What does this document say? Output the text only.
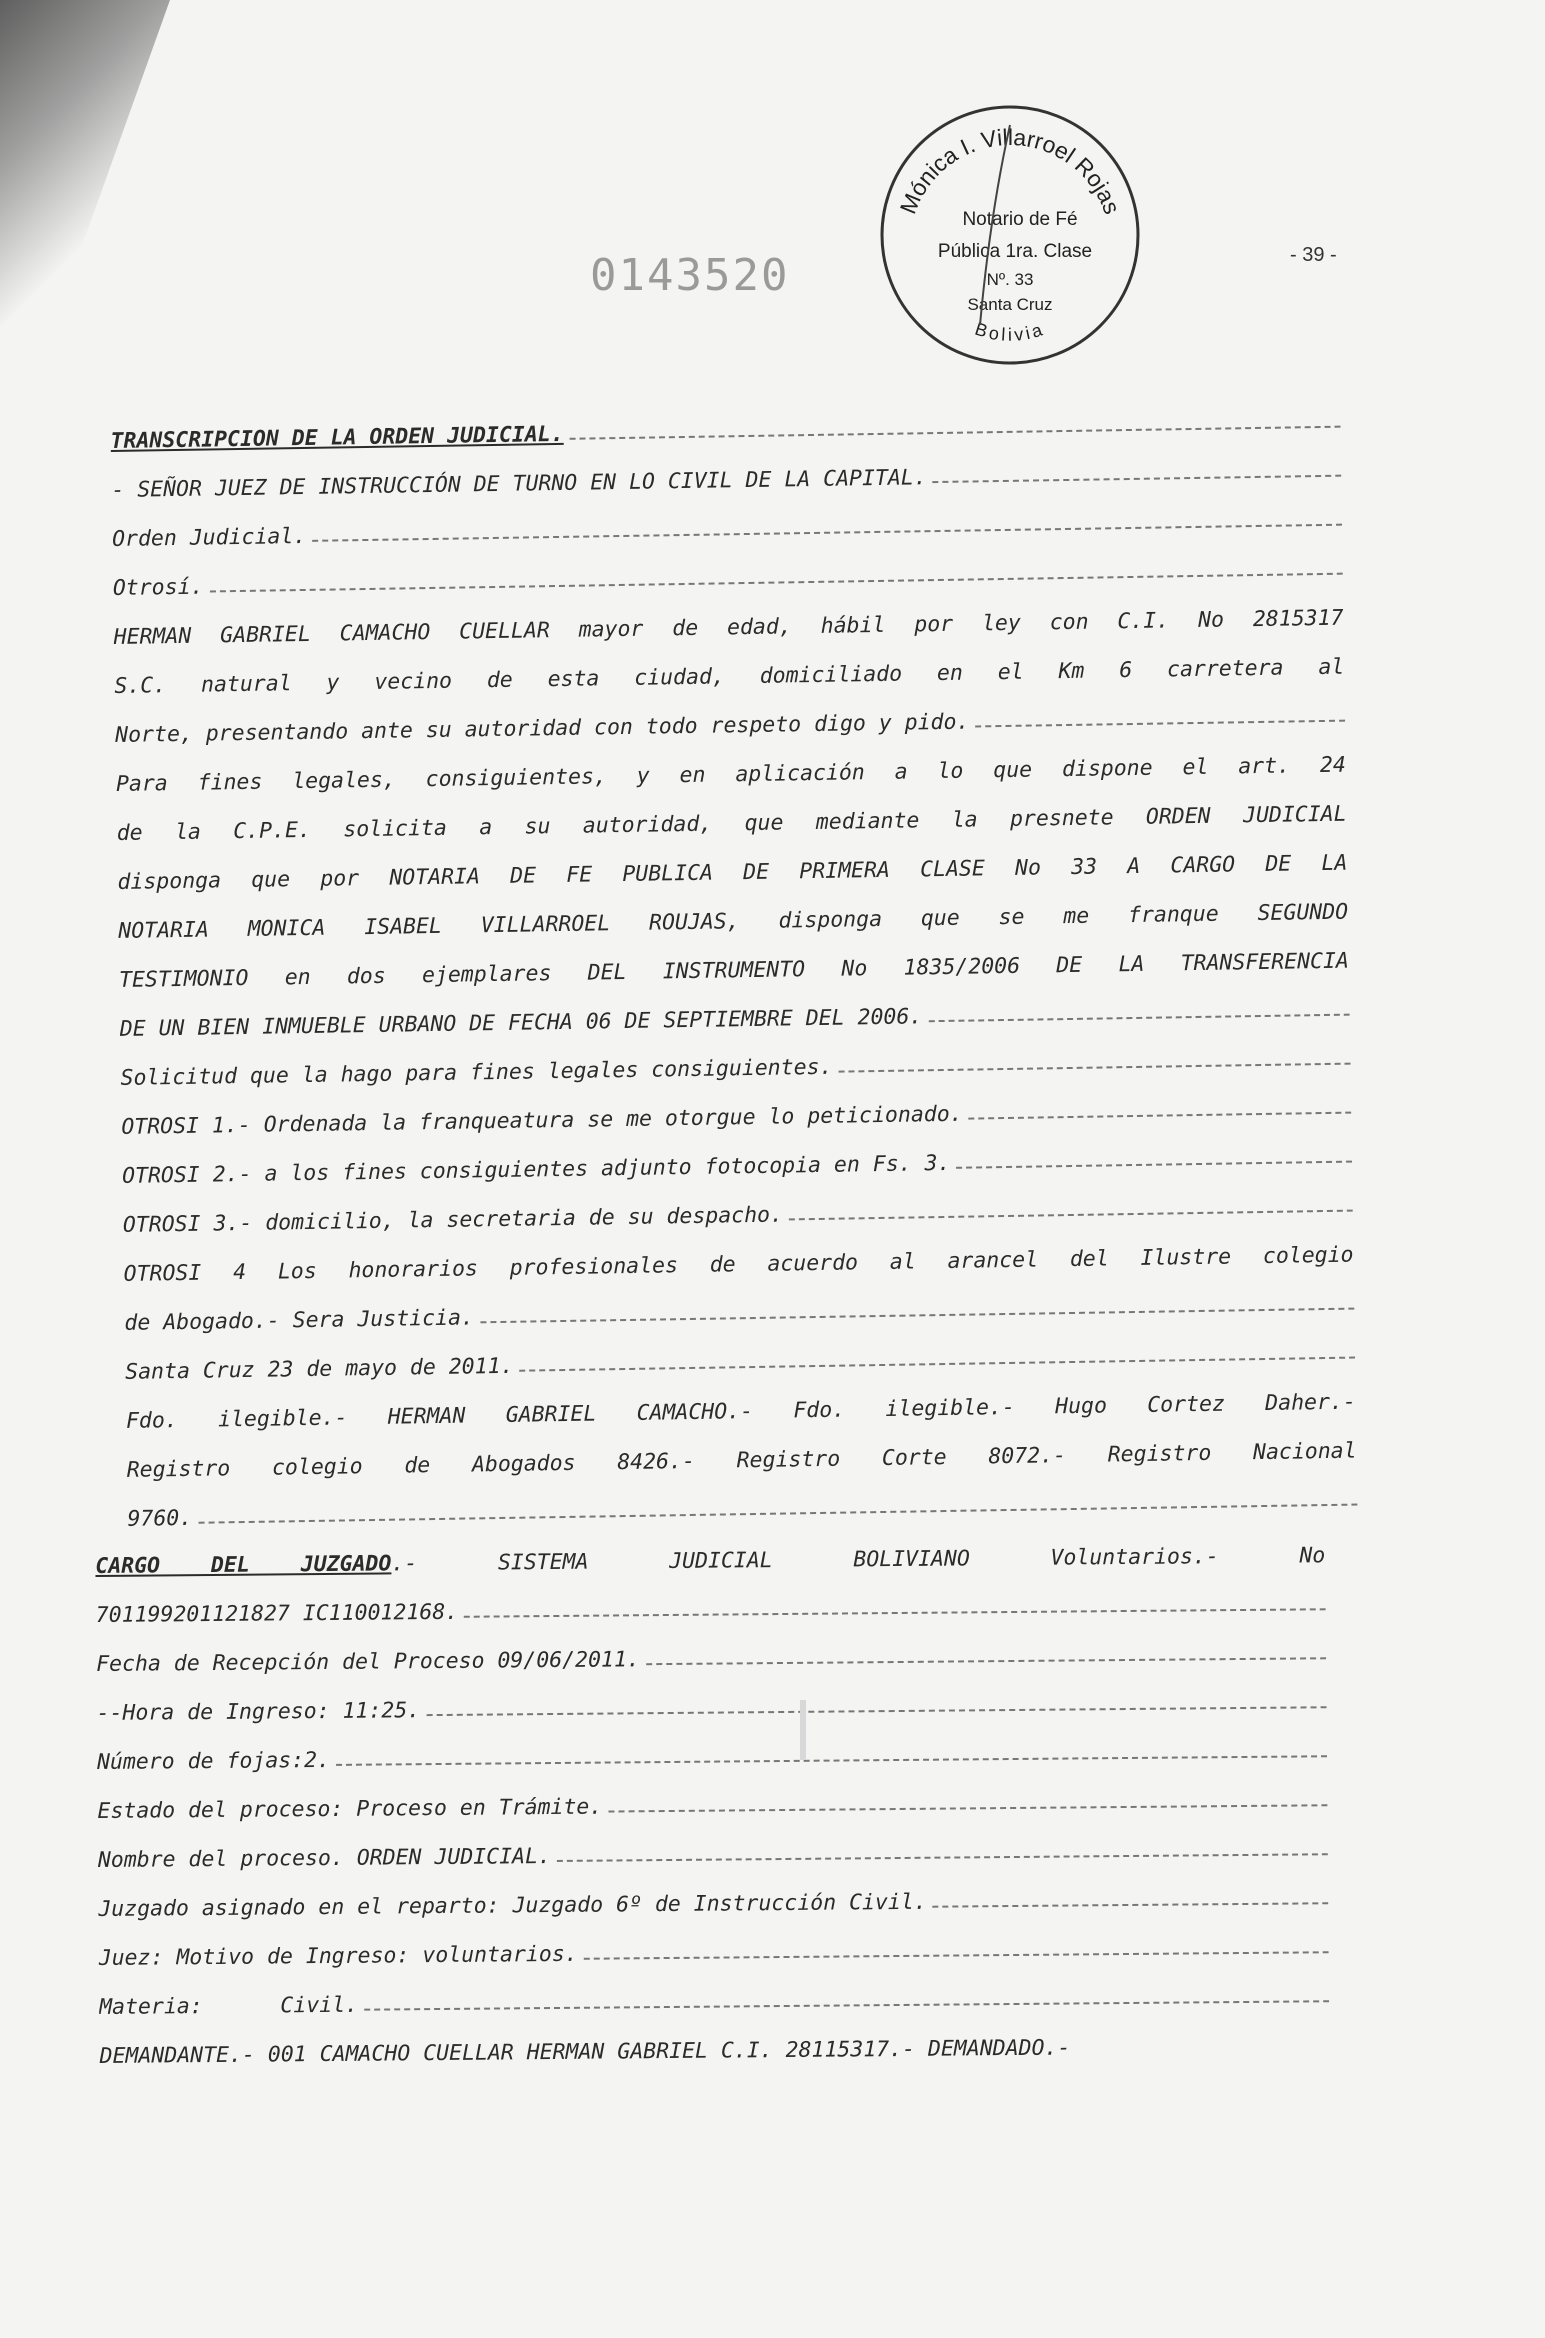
0143520	- 39 -
Mónica I. Villarroel Rojas
Notario de Fé
Pública 1ra. Clase
Nº. 33
Santa Cruz
Bolivia
TRANSCRIPCION DE LA ORDEN JUDICIAL.
- SEÑOR JUEZ DE INSTRUCCIÓN DE TURNO EN LO CIVIL DE LA CAPITAL.
Orden Judicial.
Otrosí.
HERMAN GABRIEL CAMACHO CUELLAR mayor de edad, hábil por ley con C.I. No 2815317
S.C. natural y vecino de esta ciudad, domiciliado en el Km 6 carretera al
Norte, presentando ante su autoridad con todo respeto digo y pido.
Para fines legales, consiguientes, y en aplicación a lo que dispone el art. 24
de la C.P.E. solicita a su autoridad, que mediante la presnete ORDEN JUDICIAL
disponga que por NOTARIA DE FE PUBLICA DE PRIMERA CLASE No 33 A CARGO DE LA
NOTARIA MONICA ISABEL VILLARROEL ROUJAS, disponga que se me franque SEGUNDO
TESTIMONIO en dos ejemplares DEL INSTRUMENTO No 1835/2006 DE LA TRANSFERENCIA
DE UN BIEN INMUEBLE URBANO DE FECHA 06 DE SEPTIEMBRE DEL 2006.
Solicitud que la hago para fines legales consiguientes.
OTROSI 1.- Ordenada la franqueatura se me otorgue lo peticionado.
OTROSI 2.- a los fines consiguientes adjunto fotocopia en Fs. 3.
OTROSI 3.- domicilio, la secretaria de su despacho.
OTROSI 4 Los honorarios profesionales de acuerdo al arancel del Ilustre colegio
de Abogado.- Sera Justicia.
Santa Cruz 23 de mayo de 2011.
Fdo. ilegible.- HERMAN GABRIEL CAMACHO.- Fdo. ilegible.- Hugo Cortez Daher.-
Registro colegio de Abogados 8426.- Registro Corte 8072.- Registro Nacional
9760.
CARGO DEL JUZGADO.-	SISTEMA	JUDICIAL	BOLIVIANO	Voluntarios.-	No
701199201121827 IC110012168.
Fecha de Recepción del Proceso 09/06/2011.
--Hora de Ingreso: 11:25.
Número de fojas:2.
Estado del proceso: Proceso en Trámite.
Nombre del proceso. ORDEN JUDICIAL.
Juzgado asignado en el reparto: Juzgado 6º de Instrucción Civil.
Juez: Motivo de Ingreso: voluntarios.
Materia:      Civil.
DEMANDANTE.- 001 CAMACHO CUELLAR HERMAN GABRIEL C.I. 28115317.- DEMANDADO.-
